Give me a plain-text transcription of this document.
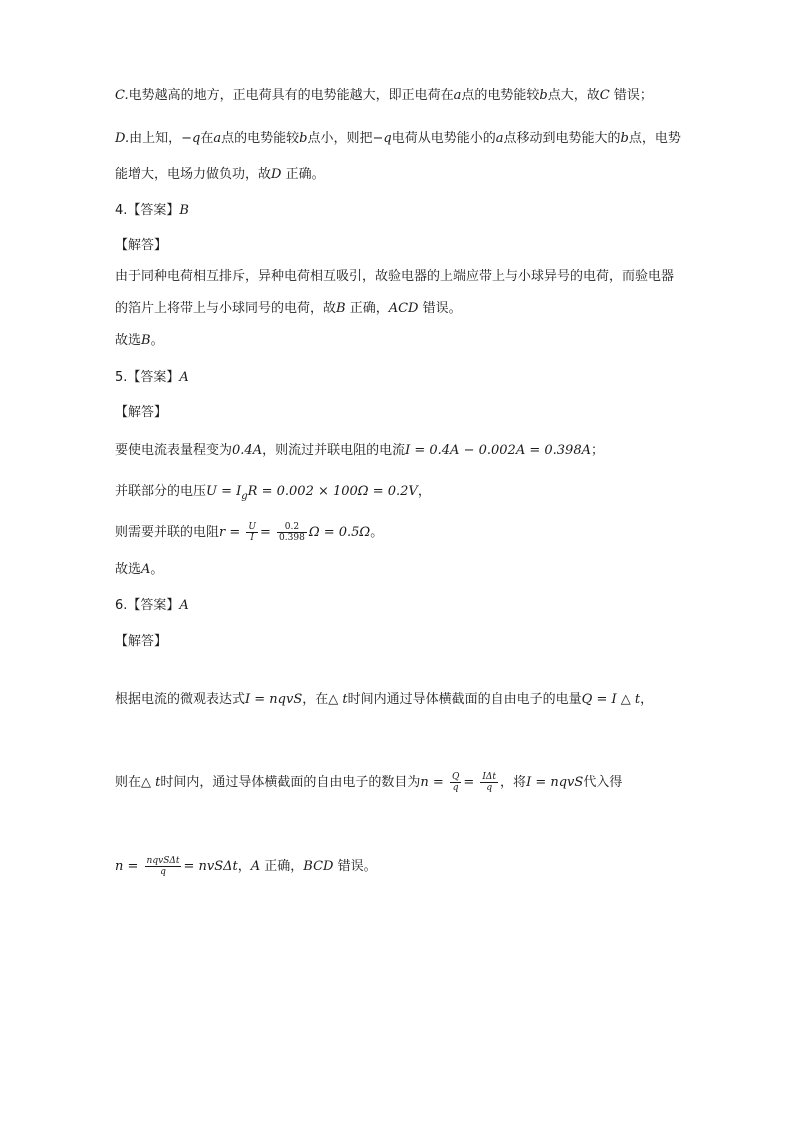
C.电势越高的地方，正电荷具有的电势能越大，即正电荷在a点的电势能较b点大，故C 错误；
D.由上知，−q在a点的电势能较b点小，则把−q电荷从电势能小的a点移动到电势能大的b点，电势
能增大，电场力做负功，故D 正确。
4.【答案】B
【解答】
由于同种电荷相互排斥，异种电荷相互吸引，故验电器的上端应带上与小球异号的电荷，而验电器
的箔片上将带上与小球同号的电荷，故B 正确，ACD 错误。
故选B。
5.【答案】A
【解答】
要使电流表量程变为0.4A，则流过并联电阻的电流I = 0.4A − 0.002A = 0.398A；
并联部分的电压$U = I_gR = 0.002 \times 100\Omega = 0.2V$，
则需要并联的电阻$r = \frac{U}{I} = \frac{0.2}{0.398}$ Ω = 0.5Ω。
故选A。
6.【答案】A
【解答】
根据电流的微观表达式I = nqvS，在△ t时间内通过导体横截面的自由电子的电量Q = I △ t，
则在△ t时间内，通过导体横截面的自由电子的数目为$n = \frac{Q}{q} = \frac{\text{IΔt}}{q}$ ，将I = nqvS代入得
$n = \frac{\text{nqvSΔt}}{q} = nvS\Delta t$，A 正确，BCD 错误。
